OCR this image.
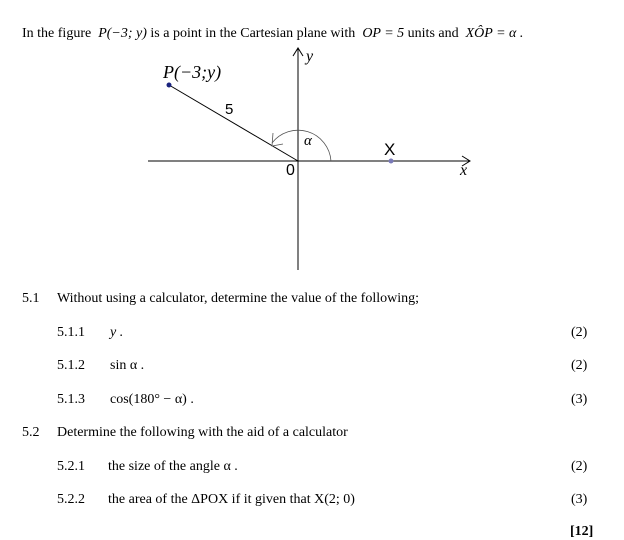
In the figure P(−3; y) is a point in the Cartesian plane with OP = 5 units and XÔP = α .
P(−3;y)
5
α
0
X
x
y
5.1 Without using a calculator, determine the value of the following;
5.1.1 y .	(2)
5.1.2 sin α .	(2)
5.1.3 cos(180° − α) .	(3)
5.2 Determine the following with the aid of a calculator
5.2.1 the size of the angle α .	(2)
5.2.2 the area of the ΔPOX if it given that X(2; 0)	(3)
[12]
